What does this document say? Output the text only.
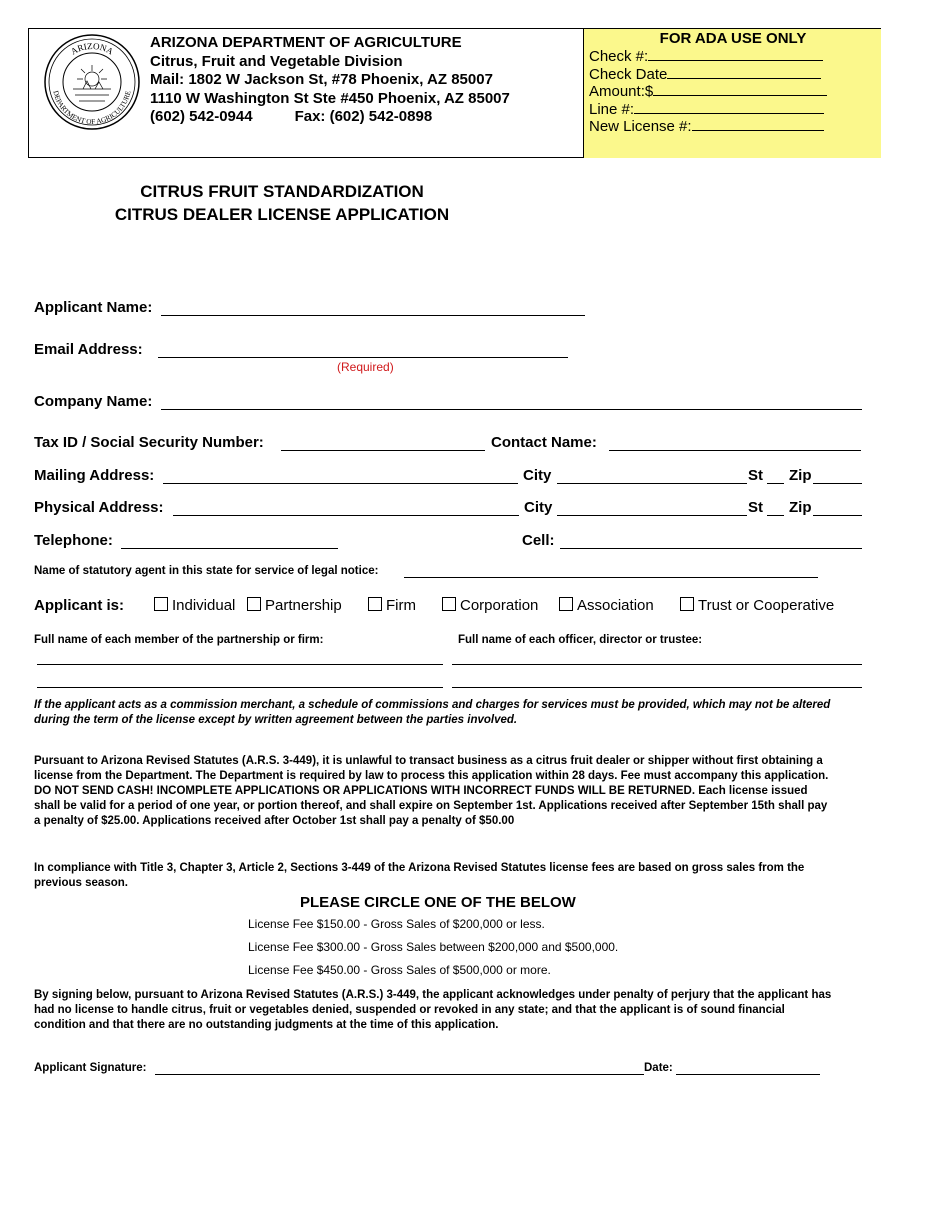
ARIZONA
DEPARTMENT OF AGRICULTURE
ARIZONA DEPARTMENT OF AGRICULTURE
Citrus, Fruit and Vegetable Division
Mail: 1802 W Jackson St, #78 Phoenix, AZ 85007
1110 W Washington St Ste #450 Phoenix, AZ 85007
(602) 542-0944	Fax: (602) 542-0898
FOR ADA USE ONLY
Check #:
Check Date
Amount:$
Line #:
New License #:
CITRUS FRUIT STANDARDIZATION
CITRUS DEALER LICENSE APPLICATION
Applicant Name:
Email Address:
(Required)
Company Name:
Tax ID / Social Security Number:	Contact Name:
Mailing Address:	City	St Zip
Physical Address:	City	St Zip
Telephone:	Cell:
Name of statutory agent in this state for service of legal notice:
Applicant is:	Individual	Partnership	Firm	Corporation	Association	Trust or Cooperative
Full name of each member of the partnership or firm:	Full name of each officer, director or trustee:
If the applicant acts as a commission merchant, a schedule of commissions and charges for services must be provided, which may not be altered during the term of the license except by written agreement between the parties involved.
Pursuant to Arizona Revised Statutes (A.R.S. 3-449), it is unlawful to transact business as a citrus fruit dealer or shipper without first obtaining a license from the Department. The Department is required by law to process this application within 28 days. Fee must accompany this application. DO NOT SEND CASH! INCOMPLETE APPLICATIONS OR APPLICATIONS WITH INCORRECT FUNDS WILL BE RETURNED. Each license issued shall be valid for a period of one year, or portion thereof, and shall expire on September 1st. Applications received after September 15th shall pay a penalty of $25.00. Applications received after October 1st shall pay a penalty of $50.00
In compliance with Title 3, Chapter 3, Article 2, Sections 3-449 of the Arizona Revised Statutes license fees are based on gross sales from the previous season.
PLEASE CIRCLE ONE OF THE BELOW
License Fee $150.00 - Gross Sales of $200,000 or less.
License Fee $300.00 - Gross Sales between $200,000 and $500,000.
License Fee $450.00 - Gross Sales of $500,000 or more.
By signing below, pursuant to Arizona Revised Statutes (A.R.S.) 3-449, the applicant acknowledges under penalty of perjury that the applicant has had no license to handle citrus, fruit or vegetables denied, suspended or revoked in any state; and that the applicant is of sound financial condition and that there are no outstanding judgments at the time of this application.
Applicant Signature:	Date:
